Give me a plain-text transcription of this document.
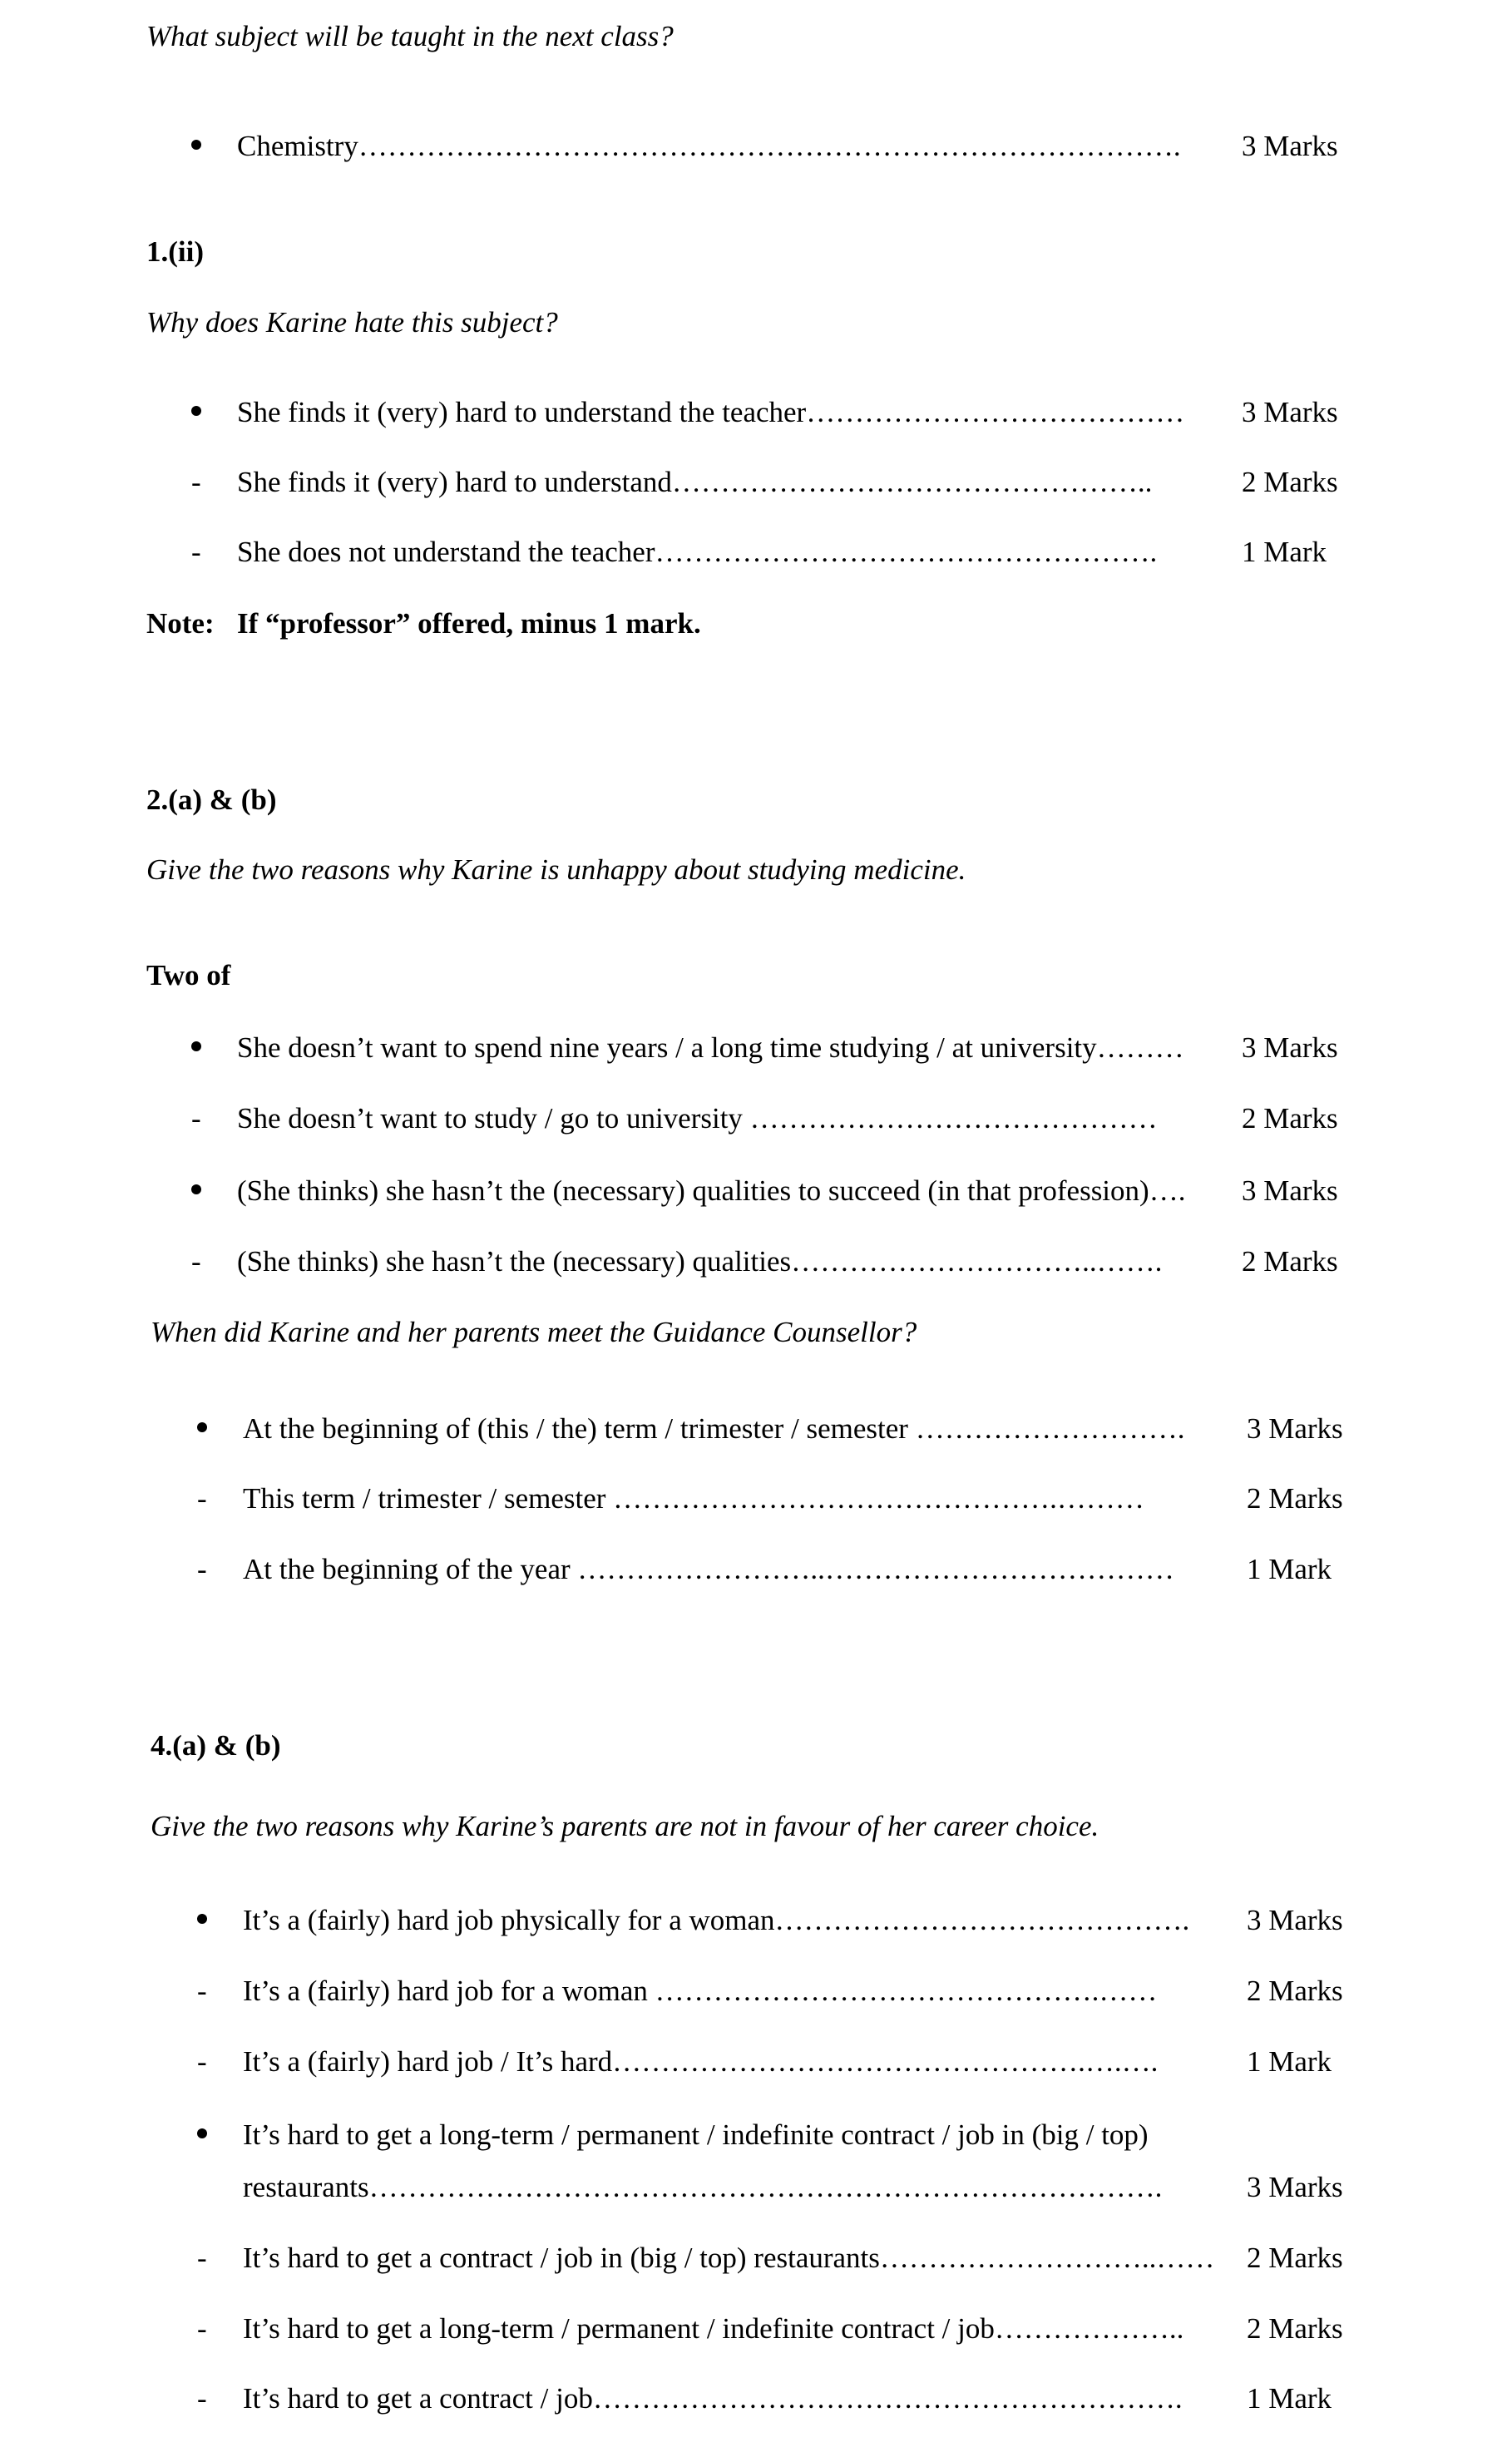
What subject will be taught in the next class?
Chemistry…………………………………………………………………………. 3 Marks
1.(ii)
Why does Karine hate this subject?
She finds it (very) hard to understand the teacher………………………………… 3 Marks
- She finds it (very) hard to understand…………………………………………..	2 Marks
- She does not understand the teacher…………………………………………….	1 Mark
Note: If “professor” offered, minus 1 mark.
2.(a) & (b)
Give the two reasons why Karine is unhappy about studying medicine.
Two of
She doesn’t want to spend nine years / a long time studying / at university……… 3 Marks
- She doesn’t want to study / go to university ……………………………………	2 Marks
(She thinks) she hasn’t the (necessary) qualities to succeed (in that profession)…. 3 Marks
- (She thinks) she hasn’t the (necessary) qualities…………………………..…….	2 Marks
When did Karine and her parents meet the Guidance Counsellor?
At the beginning of (this / the) term / trimester / semester ………………………. 3 Marks
- This term / trimester / semester ……………………………………….………	2 Marks
- At the beginning of the year ……………………..……………………………… 1 Mark
4.(a) & (b)
Give the two reasons why Karine’s parents are not in favour of her career choice.
It’s a (fairly) hard job physically for a woman……………………………………. 3 Marks
- It’s a (fairly) hard job for a woman ……………………………………….……	2 Marks
- It’s a (fairly) hard job / It’s hard………………………………………….….….	1 Mark
It’s hard to get a long-term / permanent / indefinite contract / job in (big / top)
restaurants……………………………………………………………………….	3 Marks
- It’s hard to get a contract / job in (big / top) restaurants………………………..…… 2 Marks
- It’s hard to get a long-term / permanent / indefinite contract / job……………….. 2 Marks
- It’s hard to get a contract / job……………………………………………………. 1 Mark
